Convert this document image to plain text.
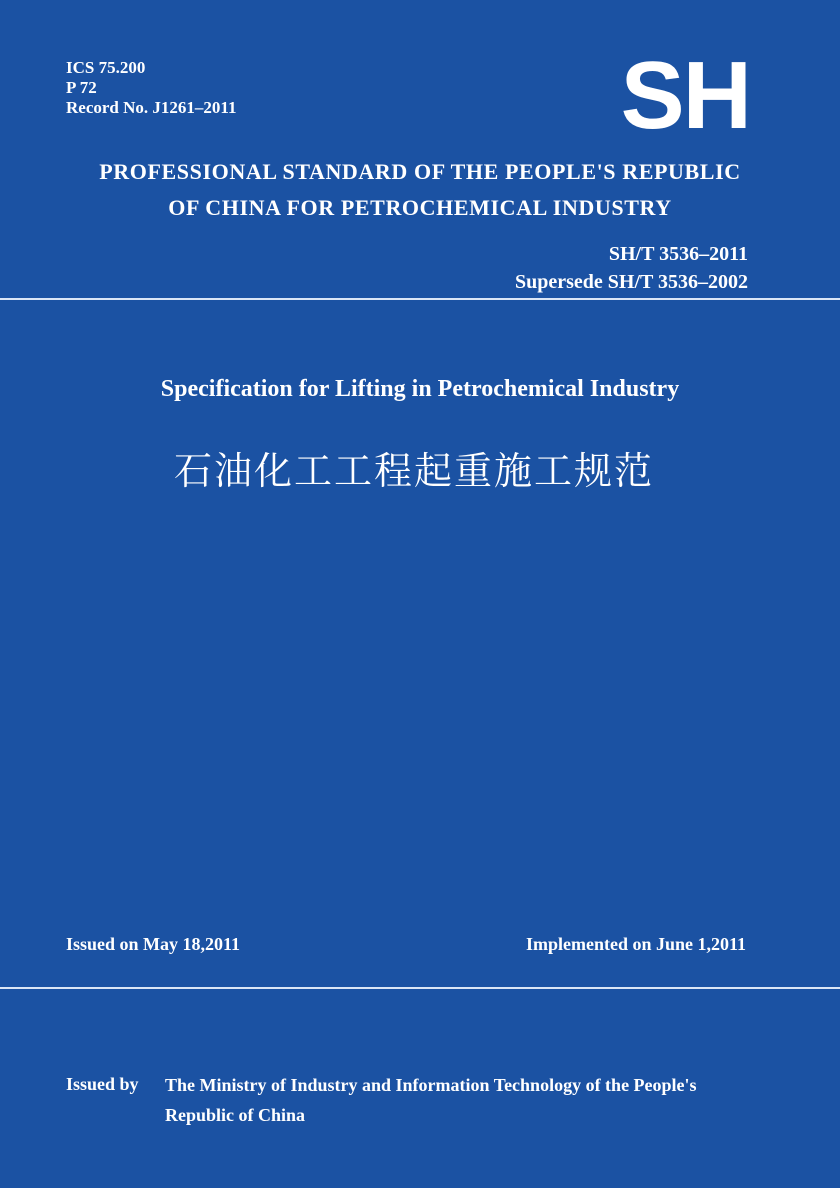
ICS 75.200
P 72
Record No. J1261–2011	SH
PROFESSIONAL STANDARD OF THE PEOPLE'S REPUBLIC
OF CHINA FOR PETROCHEMICAL INDUSTRY
SH/T 3536–2011
Supersede SH/T 3536–2002
Specification for Lifting in Petrochemical Industry
石油化工工程起重施工规范
Issued on May 18,2011	Implemented on June 1,2011
Issued by The Ministry of Industry and Information Technology of the People's
Republic of China
